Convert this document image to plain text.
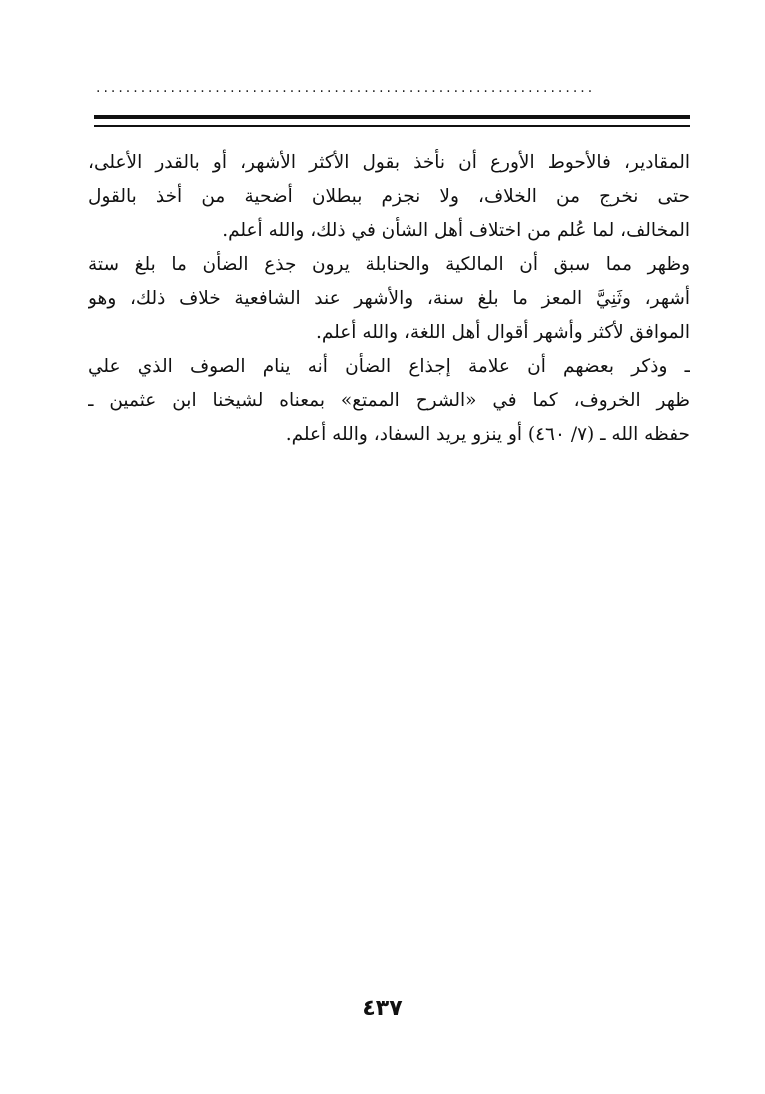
...................................................................
المقادير، فالأحوط الأورع أن نأخذ بقول الأكثر الأشهر، أو بالقدر الأعلى،
حتى نخرج من الخلاف، ولا نجزم ببطلان أضحية من أخذ بالقول
المخالف، لما عُلم من اختلاف أهل الشأن في ذلك، والله أعلم.
وظهر مما سبق أن المالكية والحنابلة يرون جذع الضأن ما بلغ ستة
أشهر، وثَنِيَّ المعز ما بلغ سنة، والأشهر عند الشافعية خلاف ذلك، وهو
الموافق لأكثر وأشهر أقوال أهل اللغة، والله أعلم.
ـ وذكر بعضهم أن علامة إجذاع الضأن أنه ينام الصوف الذي علي
ظهر الخروف، كما في «الشرح الممتع» بمعناه لشيخنا ابن عثمين ـ
حفظه الله ـ (٧/ ٤٦٠) أو ينزو يريد السفاد، والله أعلم.
٤٣٧
